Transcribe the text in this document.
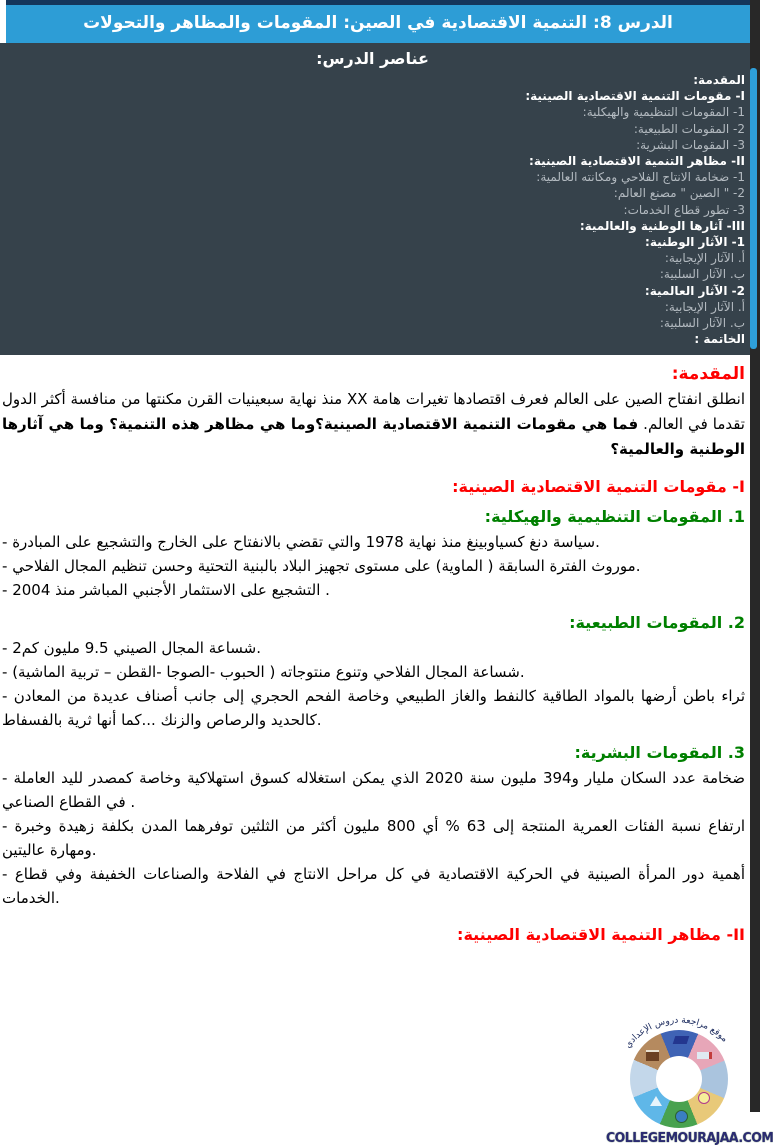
الدرس 8: التنمية الاقتصادية في الصين: المقومات والمظاهر والتحولات
عناصر الدرس:
المقدمة:
I- مقومات التنمية الاقتصادية الصينية:
1- المقومات التنظيمية والهيكلية:
2- المقومات الطبيعية:
3- المقومات البشرية:
II- مظاهر التنمية الاقتصادية الصينية:
1- ضخامة الانتاج الفلاحي ومكانته العالمية:
2- " الصين " مصنع العالم:
3- تطور قطاع الخدمات:
III- آثارها الوطنية والعالمية:
1- الآثار الوطنية:
أ. الآثار الإيجابية:
ب. الآثار السلبية:
2- الآثار العالمية:
أ. الآثار الإيجابية:
ب. الآثار السلبية:
الخاتمة :
المقدمة:

انطلق انفتاح الصين على العالم فعرف اقتصادها تغيرات هامة XX منذ نهاية سبعينيات القرن مكنتها من منافسة أكثر الدول تقدما في العالم. فما هي مقومات التنمية الاقتصادية الصينية؟وما هي مظاهر هذه التنمية؟ وما هي آثارها الوطنية والعالمية؟

I- مقومات التنمية الاقتصادية الصينية:
1. المقومات التنظيمية والهيكلية:

- سياسة دنغ كسياوبينغ منذ نهاية 1978 والتي تقضي بالانفتاح على الخارج والتشجيع على المبادرة.

- موروث الفترة السابقة ( الماوية) على مستوى تجهيز البلاد بالبنية التحتية وحسن تنظيم المجال الفلاحي.

- التشجيع على الاستثمار الأجنبي المباشر منذ 2004 .

2. المقومات الطبيعية:

- شساعة المجال الصيني 9.5 مليون كم2.

- شساعة المجال الفلاحي وتنوع منتوجاته ( الحبوب -الصوجا -القطن – تربية الماشية).

- ثراء باطن أرضها بالمواد الطاقية كالنفط والغاز الطبيعي وخاصة الفحم الحجري إلى جانب أصناف عديدة من المعادن كالحديد والرصاص والزنك ...كما أنها ثرية بالفسفاط.

3. المقومات البشرية:

- ضخامة عدد السكان مليار و394 مليون سنة 2020 الذي يمكن استغلاله كسوق استهلاكية وخاصة كمصدر لليد العاملة في القطاع الصناعي .

- ارتفاع نسبة الفئات العمرية المنتجة إلى 63 % أي 800 مليون أكثر من الثلثين توفرهما المدن بكلفة زهيدة وخبرة ومهارة عاليتين.

- أهمية دور المرأة الصينية في الحركية الاقتصادية في كل مراحل الانتاج في الفلاحة والصناعات الخفيفة وفي قطاع الخدمات.

II- مظاهر التنمية الاقتصادية الصينية:
موقع مراجعة دروس الإعدادي
COLLEGEMOURAJAA.COM
